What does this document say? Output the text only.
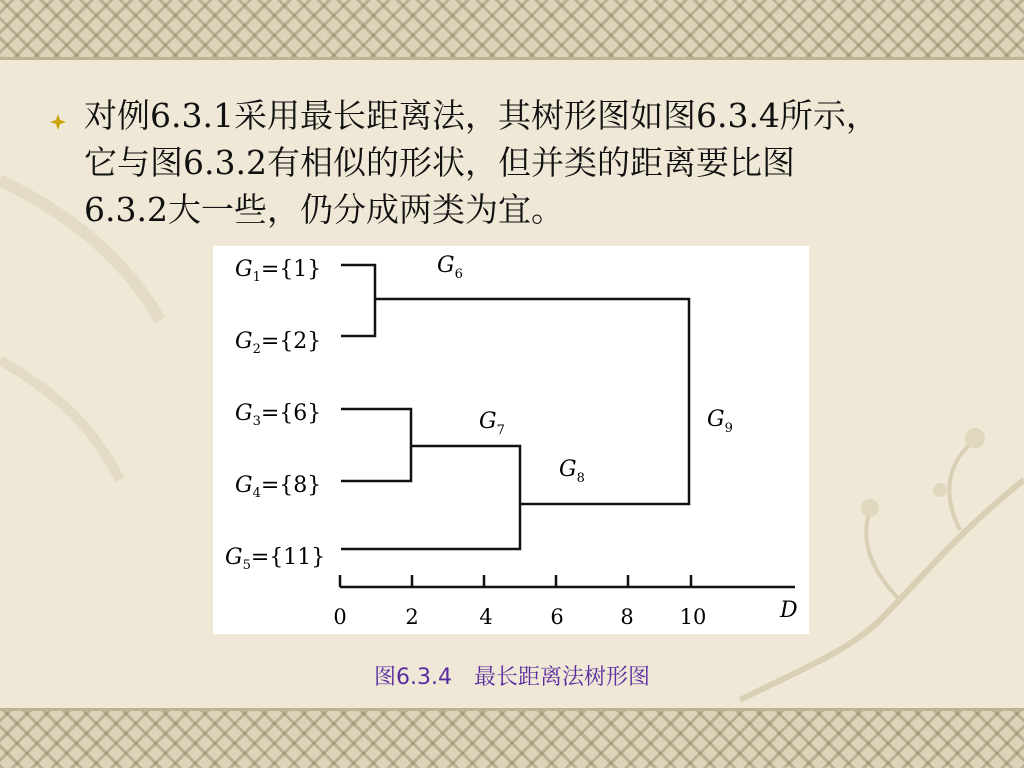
对例6.3.1采用最长距离法，其树形图如图6.3.4所示，
它与图6.3.2有相似的形状，但并类的距离要比图
6.3.2大一些，仍分成两类为宜。
$G_1=\{1\}$
$G_2=\{2\}$
$G_3=\{6\}$
$G_4=\{8\}$
$G_5=\{11\}$
$G_6$
$G_7$
$G_8$
$G_9$
0	2	4	6	8 10	D
图6.3.4　最长距离法树形图
